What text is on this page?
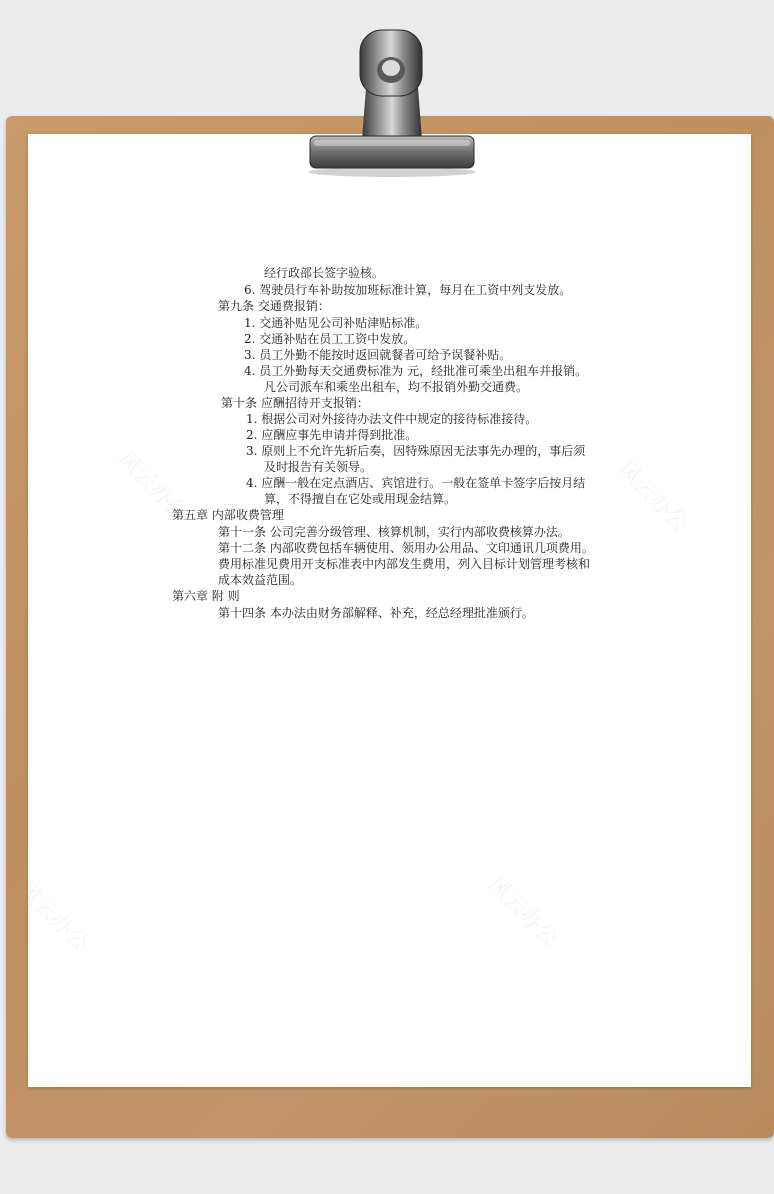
风云办公	风云办公
风云办公	风云办公
经行政部长签字验核。
6. 驾驶员行车补助按加班标准计算，每月在工资中列支发放。
第九条 交通费报销：
1. 交通补贴见公司补贴津贴标准。
2. 交通补贴在员工工资中发放。
3. 员工外勤不能按时返回就餐者可给予误餐补贴。
4. 员工外勤每天交通费标准为 元，经批准可乘坐出租车并报销。
凡公司派车和乘坐出租车，均不报销外勤交通费。
第十条 应酬招待开支报销：
1. 根据公司对外接待办法文件中规定的接待标准接待。
2. 应酬应事先申请并得到批准。
3. 原则上不允许先斩后奏，因特殊原因无法事先办理的，事后须
及时报告有关领导。
4. 应酬一般在定点酒店、宾馆进行。一般在签单卡签字后按月结
算，不得擅自在它处或用现金结算。
第五章 内部收费管理
第十一条 公司完善分级管理、核算机制，实行内部收费核算办法。
第十二条 内部收费包括车辆使用、领用办公用品、文印通讯几项费用。
费用标准见费用开支标准表中内部发生费用，列入目标计划管理考核和
成本效益范围。
第六章 附 则
第十四条 本办法由财务部解释、补充，经总经理批准颁行。
